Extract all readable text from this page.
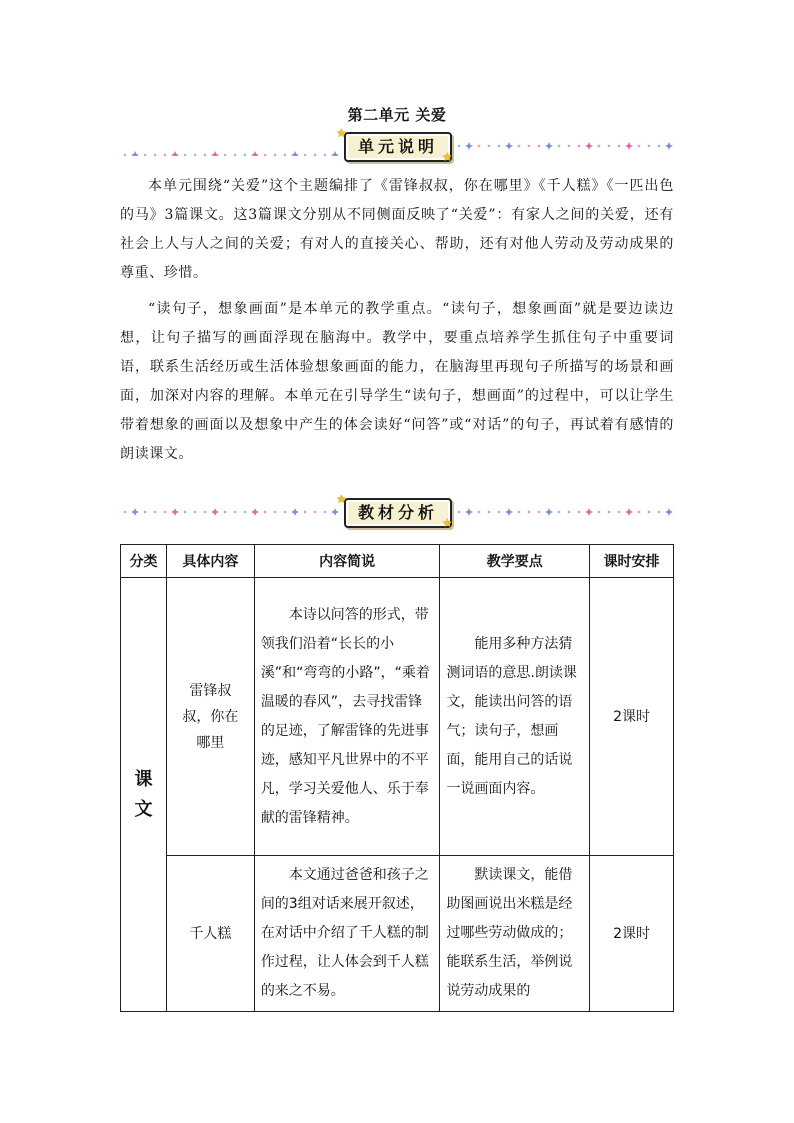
第二单元 关爱
单元说明
★
★
本单元围绕“关爱”这个主题编排了《雷锋叔叔，你在哪里》《千人糕》《一匹出色的马》3篇课文。这3篇课文分别从不同侧面反映了“关爱”：有家人之间的关爱，还有社会上人与人之间的关爱；有对人的直接关心、帮助，还有对他人劳动及劳动成果的尊重、珍惜。
“读句子，想象画面”是本单元的教学重点。“读句子，想象画面”就是要边读边想，让句子描写的画面浮现在脑海中。教学中，要重点培养学生抓住句子中重要词语，联系生活经历或生活体验想象画面的能力，在脑海里再现句子所描写的场景和画面，加深对内容的理解。本单元在引导学生“读句子，想画面”的过程中，可以让学生带着想象的画面以及想象中产生的体会读好“问答”或“对话”的句子，再试着有感情的朗读课文。
教材分析
★
★
分类	具体内容	内容简说	教学要点	课时安排
课文	雷锋叔叔，你在哪里	本诗以问答的形式，带领我们沿着“长长的小溪”和“弯弯的小路”，“乘着温暖的春风”，去寻找雷锋的足迹，了解雷锋的先进事迹，感知平凡世界中的不平凡，学习关爱他人、乐于奉献的雷锋精神。	能用多种方法猜测词语的意思.朗读课文，能读出问答的语气；读句子，想画面，能用自己的话说一说画面内容。	2课时
	千人糕	本文通过爸爸和孩子之间的3组对话来展开叙述，在对话中介绍了千人糕的制作过程，让人体会到千人糕的来之不易。	默读课文，能借助图画说出米糕是经过哪些劳动做成的；能联系生活，举例说说劳动成果的	2课时
